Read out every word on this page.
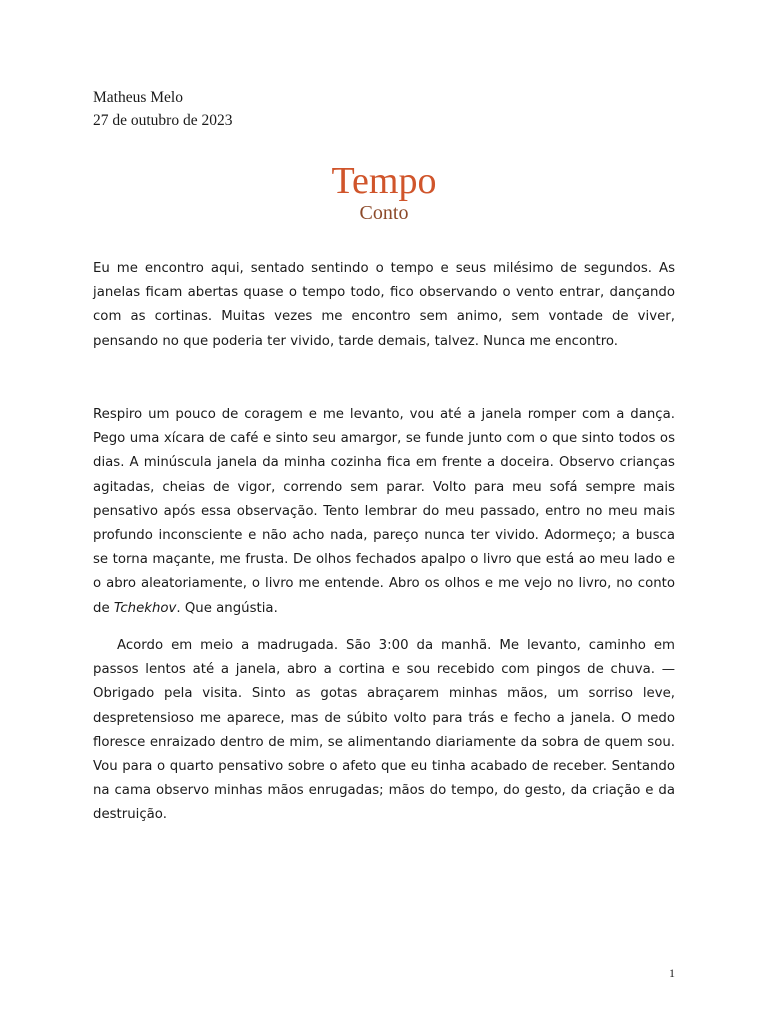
Matheus Melo
27 de outubro de 2023
Tempo
Conto

Eu me encontro aqui, sentado sentindo o tempo e seus milésimo de segundos. As janelas ficam abertas quase o tempo todo, fico observando o vento entrar, dançando com as cortinas. Muitas vezes me encontro sem animo, sem vontade de viver, pensando no que poderia ter vivido, tarde demais, talvez. Nunca me encontro.

Respiro um pouco de coragem e me levanto, vou até a janela romper com a dança. Pego uma xícara de café e sinto seu amargor, se funde junto com o que sinto todos os dias. A minúscula janela da minha cozinha fica em frente a doceira. Observo crianças agitadas, cheias de vigor, correndo sem parar. Volto para meu sofá sempre mais pensativo após essa observação. Tento lembrar do meu passado, entro no meu mais profundo inconsciente e não acho nada, pareço nunca ter vivido. Adormeço; a busca se torna maçante, me frusta. De olhos fechados apalpo o livro que está ao meu lado e o abro aleatoriamente, o livro me entende. Abro os olhos e me vejo no livro, no conto de Tchekhov. Que angústia.

Acordo em meio a madrugada. São 3:00 da manhã. Me levanto, caminho em passos lentos até a janela, abro a cortina e sou recebido com pingos de chuva. — Obrigado pela visita. Sinto as gotas abraçarem minhas mãos, um sorriso leve, despretensioso me aparece, mas de súbito volto para trás e fecho a janela. O medo floresce enraizado dentro de mim, se alimentando diariamente da sobra de quem sou. Vou para o quarto pensativo sobre o afeto que eu tinha acabado de receber. Sentando na cama observo minhas mãos enrugadas; mãos do tempo, do gesto, da criação e da destruição.

1
